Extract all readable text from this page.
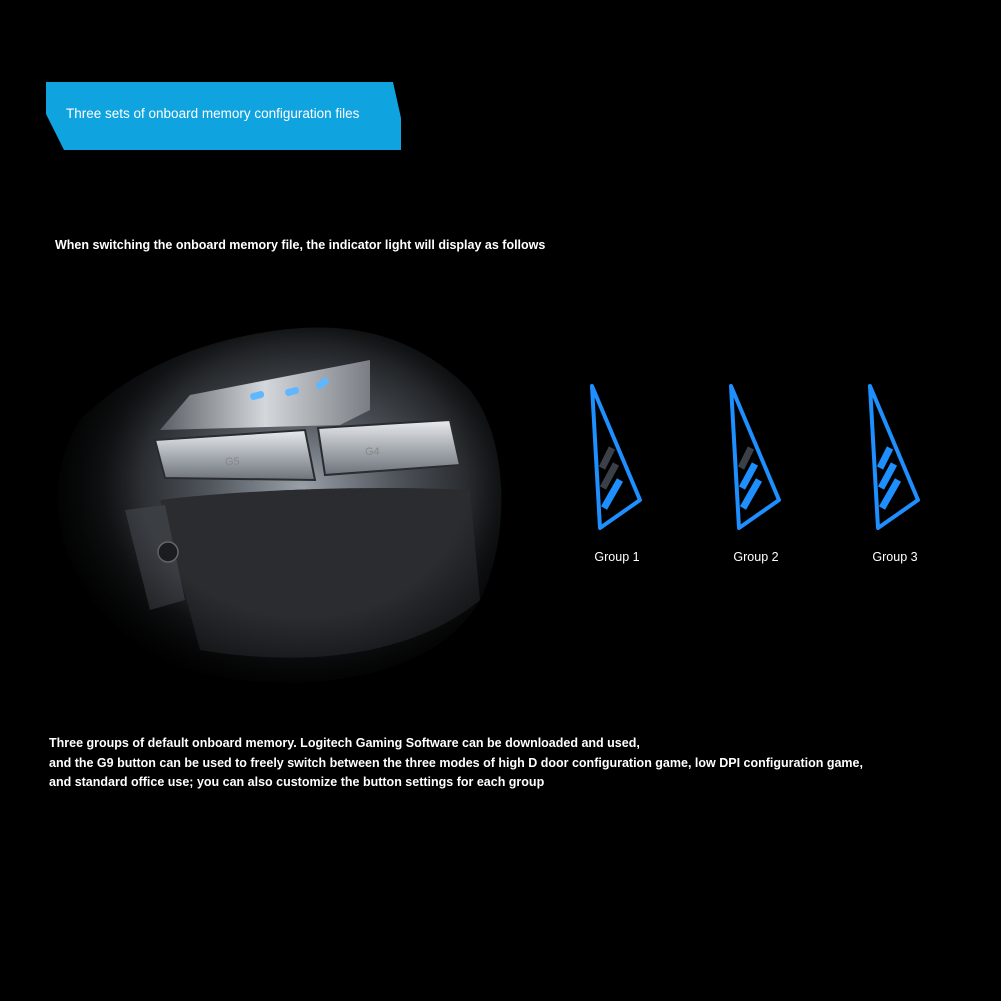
Three sets of onboard memory configuration files
When switching the onboard memory file, the indicator light will display as follows
Group 1	Group 2	Group 3
Three groups of default onboard memory. Logitech Gaming Software can be downloaded and used,
and the G9 button can be used to freely switch between the three modes of high D door configuration game, low DPI configuration game,
and standard office use; you can also customize the button settings for each group
